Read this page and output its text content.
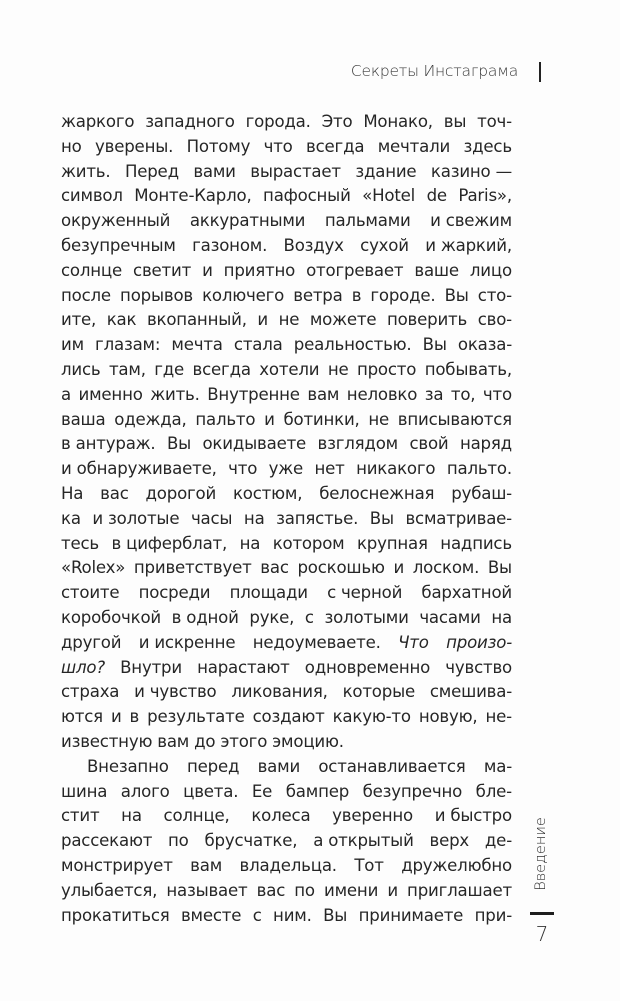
Секреты Инстаграма
жаркого западного города. Это Монако, вы точ-
но уверены. Потому что всегда мечтали здесь
жить. Перед вами вырастает здание казино —
символ Монте-Карло, пафосный «Hotel de Paris»,
окруженный аккуратными пальмами и свежим
безупречным газоном. Воздух сухой и жаркий,
солнце светит и приятно отогревает ваше лицо
после порывов колючего ветра в городе. Вы сто-
ите, как вкопанный, и не можете поверить сво-
им глазам: мечта стала реальностью. Вы оказа-
лись там, где всегда хотели не просто побывать,
а именно жить. Внутренне вам неловко за то, что
ваша одежда, пальто и ботинки, не вписываются
в антураж. Вы окидываете взглядом свой наряд
и обнаруживаете, что уже нет никакого пальто.
На вас дорогой костюм, белоснежная рубаш-
ка и золотые часы на запястье. Вы всматривае-
тесь в циферблат, на котором крупная надпись
«Rolex» приветствует вас роскошью и лоском. Вы
стоите посреди площади с черной бархатной
коробочкой в одной руке, с золотыми часами на
другой и искренне недоумеваете. Что произо-
шло? Внутри нарастают одновременно чувство
страха и чувство ликования, которые смешива-
ются и в результате создают какую-то новую, не-
известную вам до этого эмоцию.
Внезапно перед вами останавливается ма-
шина алого цвета. Ее бампер безупречно бле-
стит на солнце, колеса уверенно и быстро
рассекают по брусчатке, а открытый верх де-
монстрирует вам владельца. Тот дружелюбно
улыбается, называет вас по имени и приглашает
прокатиться вместе с ним. Вы принимаете при-
Введение
7
